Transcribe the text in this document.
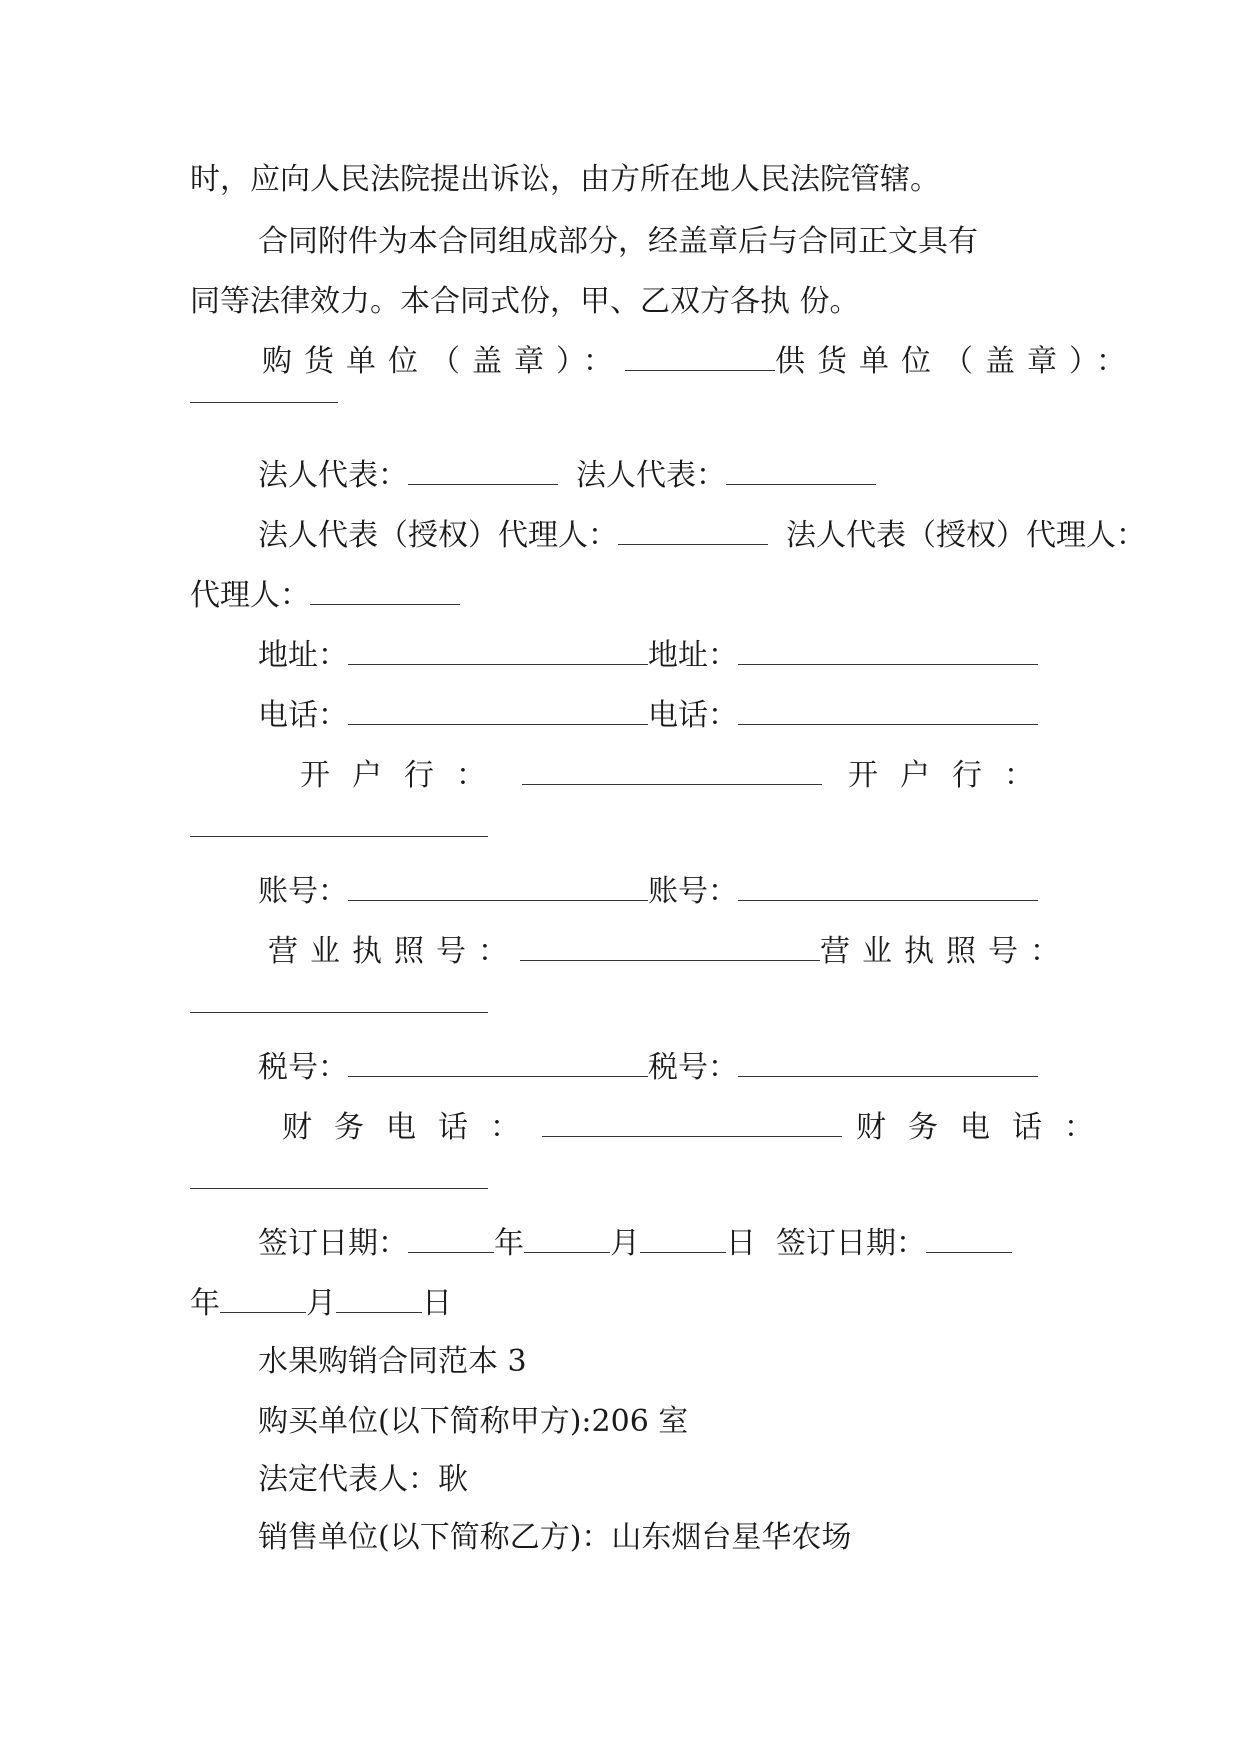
时，应向人民法院提出诉讼，由方所在地人民法院管辖。
合同附件为本合同组成部分，经盖章后与合同正文具有
同等法律效力。本合同式份，甲、乙双方各执 份。
购货单位（盖章）：	供货单位（盖章）：
法人代表：	法人代表：
法人代表（授权）代理人：	法人代表（授权）代理人：
代理人：
地址：	地址：
电话：	电话：
开户行：	开户行：
账号：	账号：
营业执照号：	营业执照号：
税号：	税号：
财务电话：	财务电话：
签订日期：	年	月	日 签订日期：
年	月	日
水果购销合同范本 3
购买单位(以下简称甲方):206 室
法定代表人：耿
销售单位(以下简称乙方)：山东烟台星华农场
